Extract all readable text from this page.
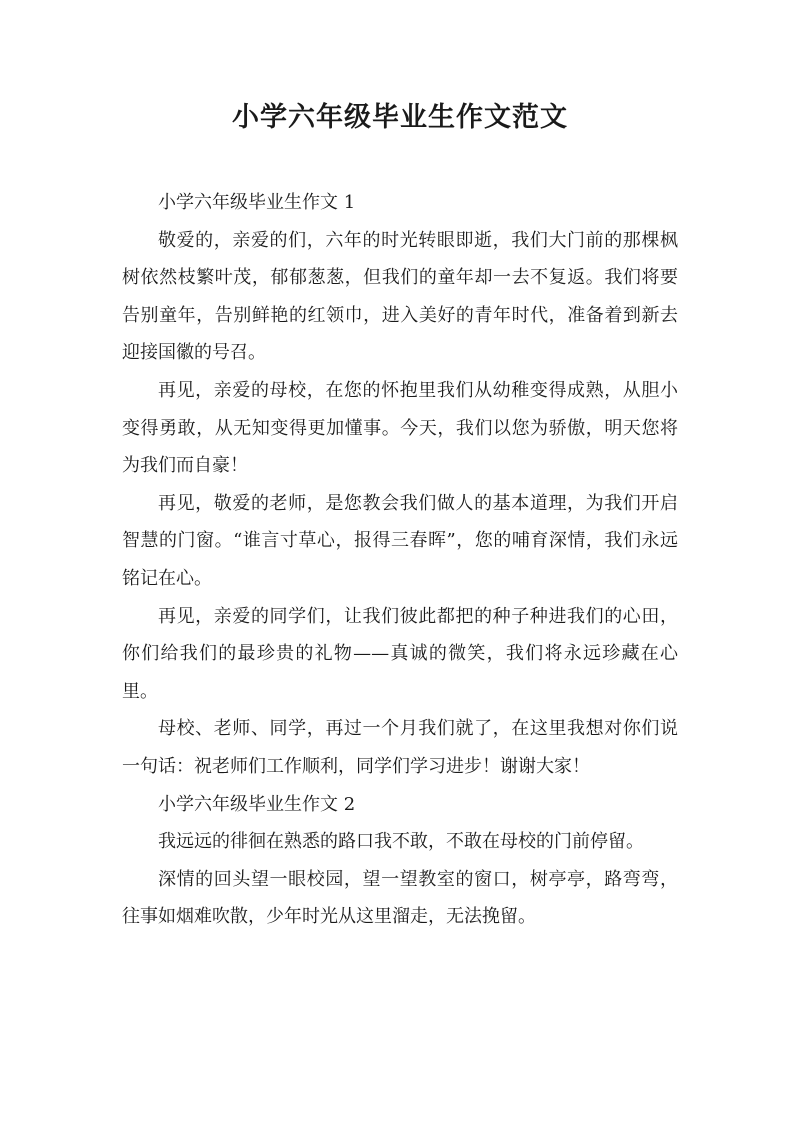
小学六年级毕业生作文范文

小学六年级毕业生作文 1

敬爱的，亲爱的们，六年的时光转眼即逝，我们大门前的那棵枫树依然枝繁叶茂，郁郁葱葱，但我们的童年却一去不复返。我们将要告别童年，告别鲜艳的红领巾，进入美好的青年时代，准备着到新去迎接国徽的号召。

再见，亲爱的母校，在您的怀抱里我们从幼稚变得成熟，从胆小变得勇敢，从无知变得更加懂事。今天，我们以您为骄傲，明天您将为我们而自豪！

再见，敬爱的老师，是您教会我们做人的基本道理，为我们开启智慧的门窗。“谁言寸草心，报得三春晖”，您的哺育深情，我们永远铭记在心。

再见，亲爱的同学们，让我们彼此都把的种子种进我们的心田，你们给我们的最珍贵的礼物——真诚的微笑，我们将永远珍藏在心里。

母校、老师、同学，再过一个月我们就了，在这里我想对你们说一句话：祝老师们工作顺利，同学们学习进步！谢谢大家！

小学六年级毕业生作文 2

我远远的徘徊在熟悉的路口我不敢，不敢在母校的门前停留。

深情的回头望一眼校园，望一望教室的窗口，树亭亭，路弯弯，往事如烟难吹散，少年时光从这里溜走，无法挽留。
